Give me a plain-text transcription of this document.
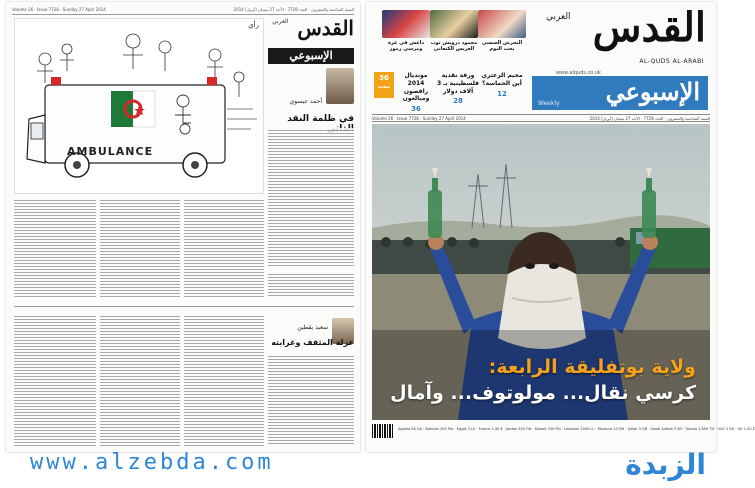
Volume 26 · Issue 7728 · Sunday 27 April 2014	السنة السادسة والعشرون · العدد 7728 · الأحد 27 نيسان (أبريل) 2014
رأي
AMBULANCE
القدس
العربي
الإسبوعي
أحمد عيسوي
في ظلمة النقد
سعيد يقطين
عزلة المثقف وغرابته
التحرش الجنسي تحت النوم
محمود درويش ثوب العريس الكنعاني
داعش في غزة ومرسي رموز	القدس
العربي
AL-QUDS AL-ARABI
www.alquds.co.uk
الإسبوعي
Weekly
36
صفحة
مخيم الزعتري أين الحماسة؟
12
ورقة نقدية فلسطينية بـ 3 آلاف دولار
28
مونديال 2014 راقصون ومبالغون
36
Volume 26 · Issue 7728 · Sunday 27 April 2014	السنة السادسة والعشرون · العدد 7728 · الأحد 27 نيسان (أبريل) 2014
ولاية بوتفليقة الرابعة:
كرسي نقال... مولوتوف... وآمال
Algeria 80 DA · Bahrain 300 Fils · Egypt 3 LE · France 1.40 € · Jordan 500 Fils · Kuwait 250 Fils · Lebanon 2000 LL · Morocco 10 DH · Qatar 3 QR · Saudi Arabia 3 SR · Tunisia 1.800 TD · UAE 3 DH · UK 1.00 £
www.alzebda.com	الزبدة
